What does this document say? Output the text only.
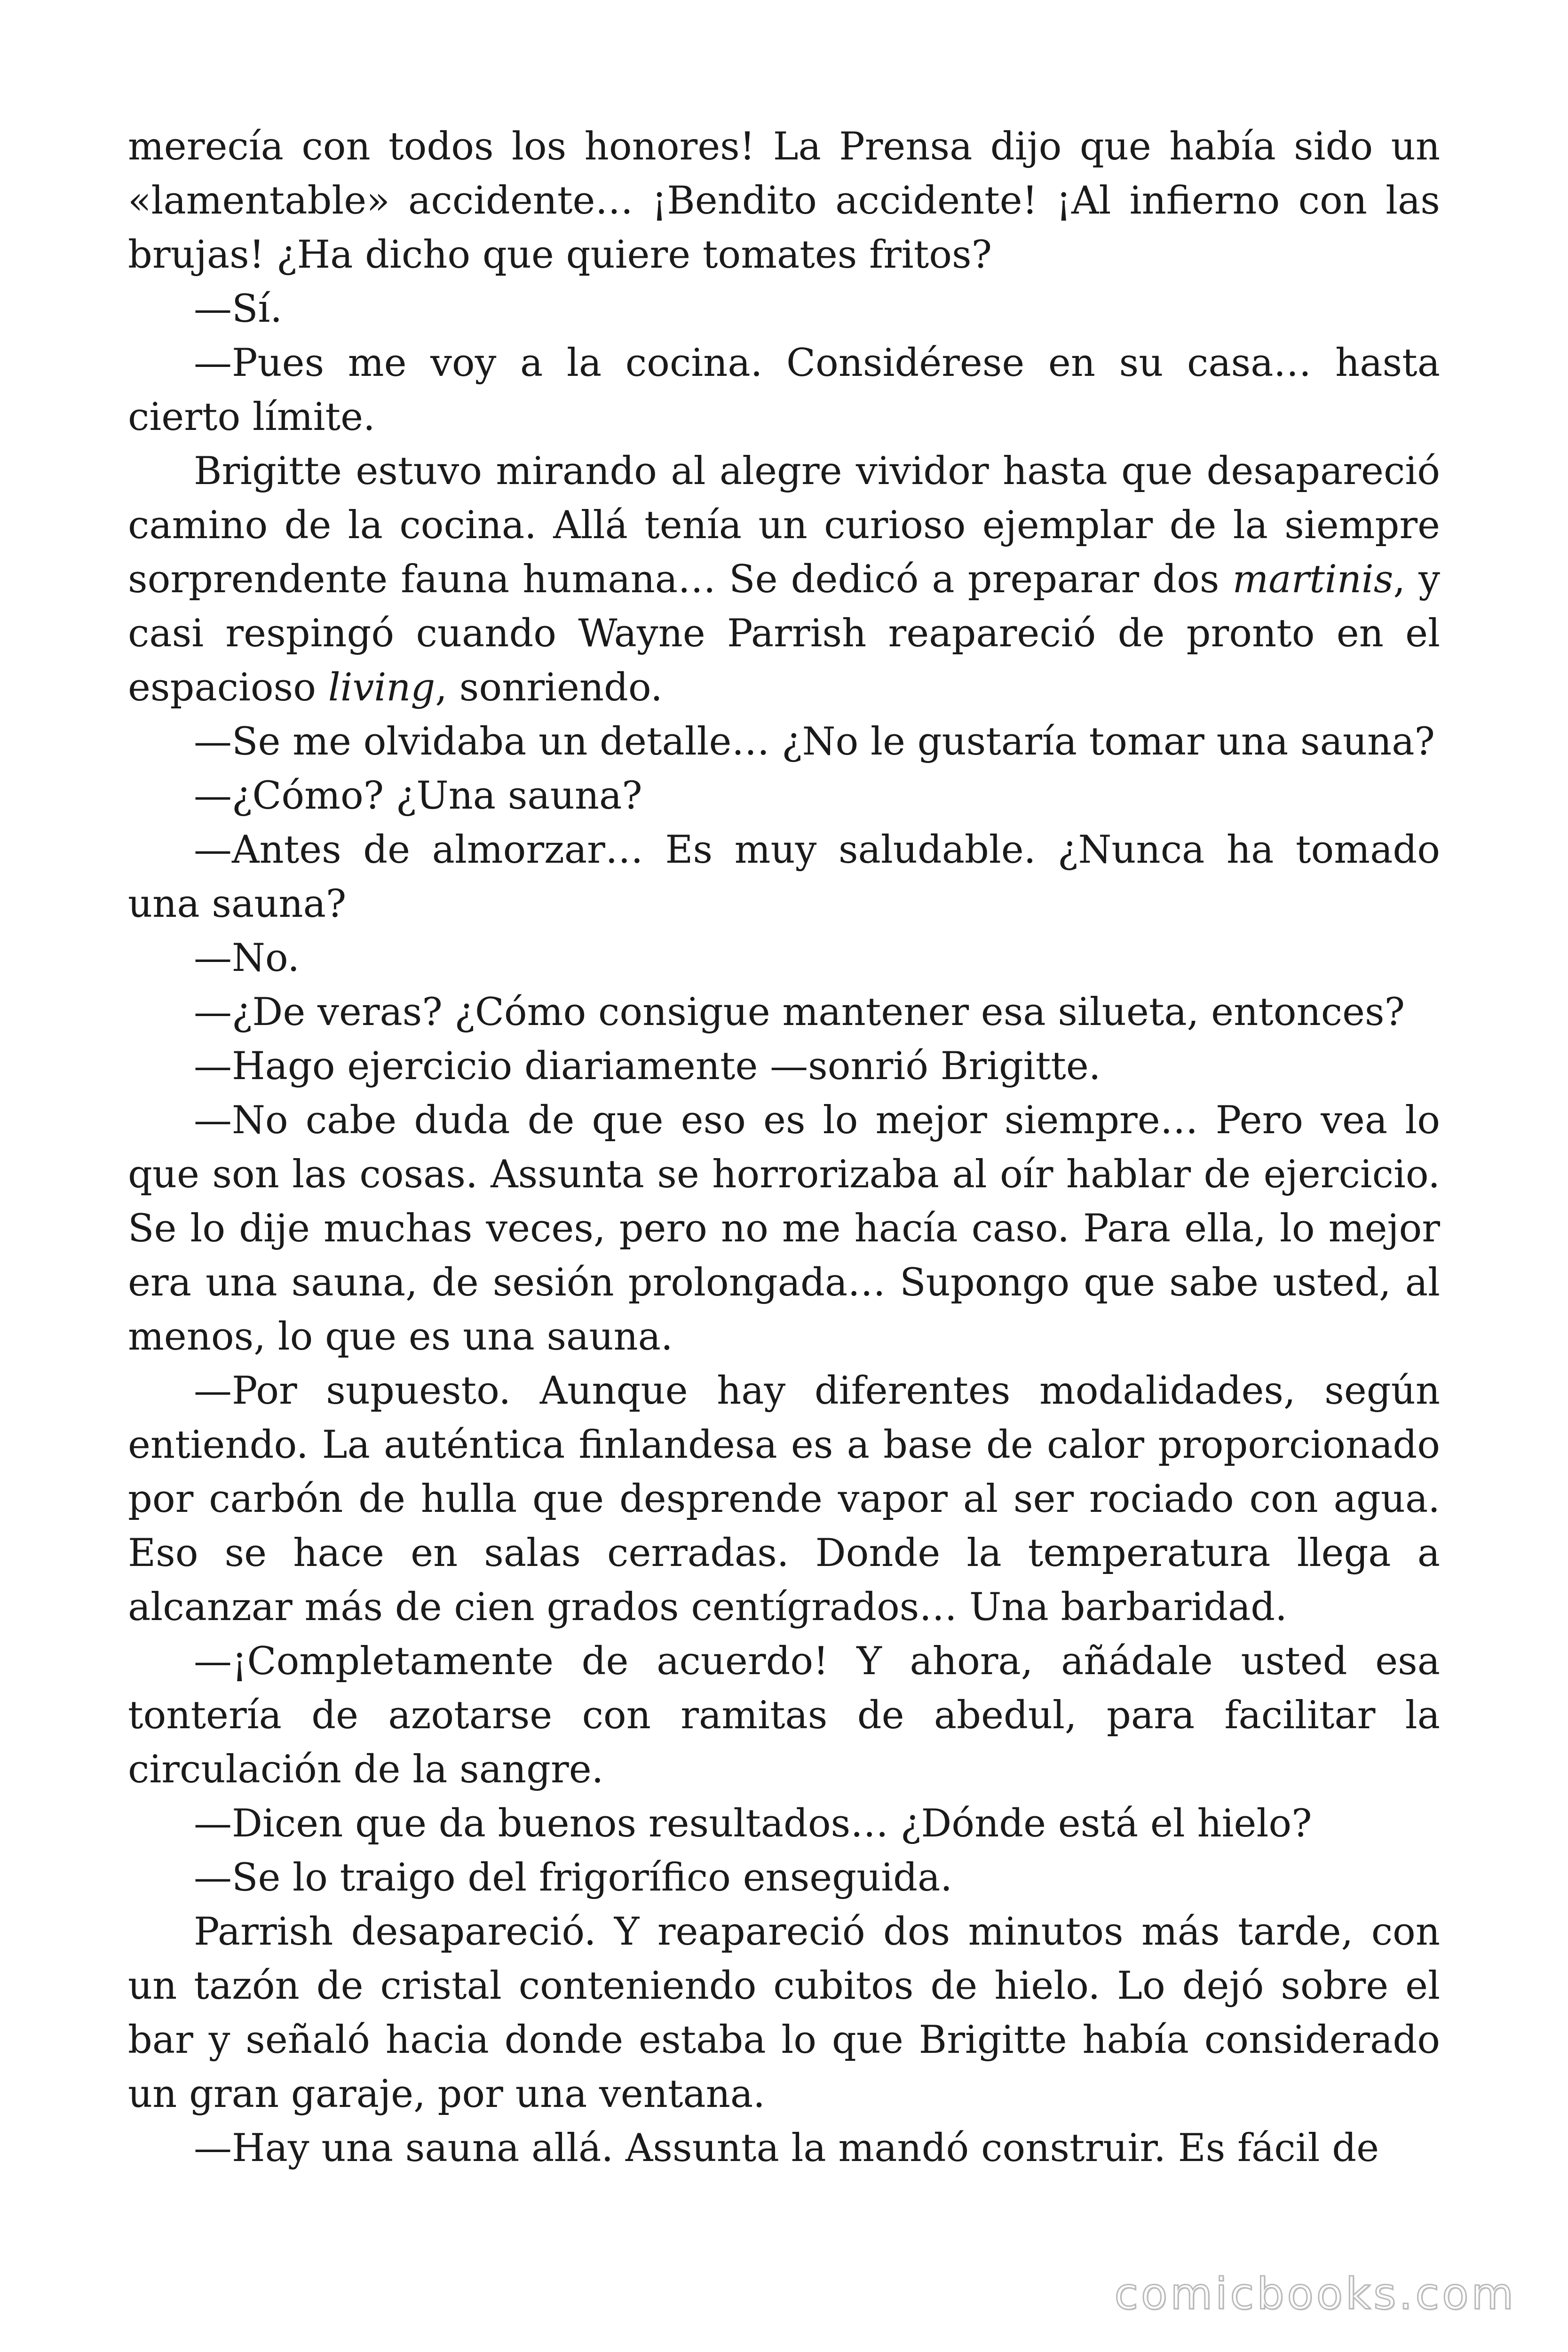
merecía con todos los honores! La Prensa dijo que había sido un «lamentable» accidente… ¡Bendito accidente! ¡Al infierno con las brujas! ¿Ha dicho que quiere tomates fritos?

—Sí.

—Pues me voy a la cocina. Considérese en su casa… hasta cierto límite.

Brigitte estuvo mirando al alegre vividor hasta que desapareció camino de la cocina. Allá tenía un curioso ejemplar de la siempre sorprendente fauna humana… Se dedicó a preparar dos martinis, y casi respingó cuando Wayne Parrish reapareció de pronto en el espacioso living, sonriendo.

—Se me olvidaba un detalle… ¿No le gustaría tomar una sauna?

—¿Cómo? ¿Una sauna?

—Antes de almorzar… Es muy saludable. ¿Nunca ha tomado una sauna?

—No.

—¿De veras? ¿Cómo consigue mantener esa silueta, entonces?

—Hago ejercicio diariamente —sonrió Brigitte.

—No cabe duda de que eso es lo mejor siempre… Pero vea lo que son las cosas. Assunta se horrorizaba al oír hablar de ejercicio. Se lo dije muchas veces, pero no me hacía caso. Para ella, lo mejor era una sauna, de sesión prolongada… Supongo que sabe usted, al menos, lo que es una sauna.

—Por supuesto. Aunque hay diferentes modalidades, según entiendo. La auténtica finlandesa es a base de calor proporcionado por carbón de hulla que desprende vapor al ser rociado con agua. Eso se hace en salas cerradas. Donde la temperatura llega a alcanzar más de cien grados centígrados… Una barbaridad.

—¡Completamente de acuerdo! Y ahora, añádale usted esa tontería de azotarse con ramitas de abedul, para facilitar la circulación de la sangre.

—Dicen que da buenos resultados… ¿Dónde está el hielo?

—Se lo traigo del frigorífico enseguida.

Parrish desapareció. Y reapareció dos minutos más tarde, con un tazón de cristal conteniendo cubitos de hielo. Lo dejó sobre el bar y señaló hacia donde estaba lo que Brigitte había considerado un gran garaje, por una ventana.

—Hay una sauna allá. Assunta la mandó construir. Es fácil de

comicbooks.com
